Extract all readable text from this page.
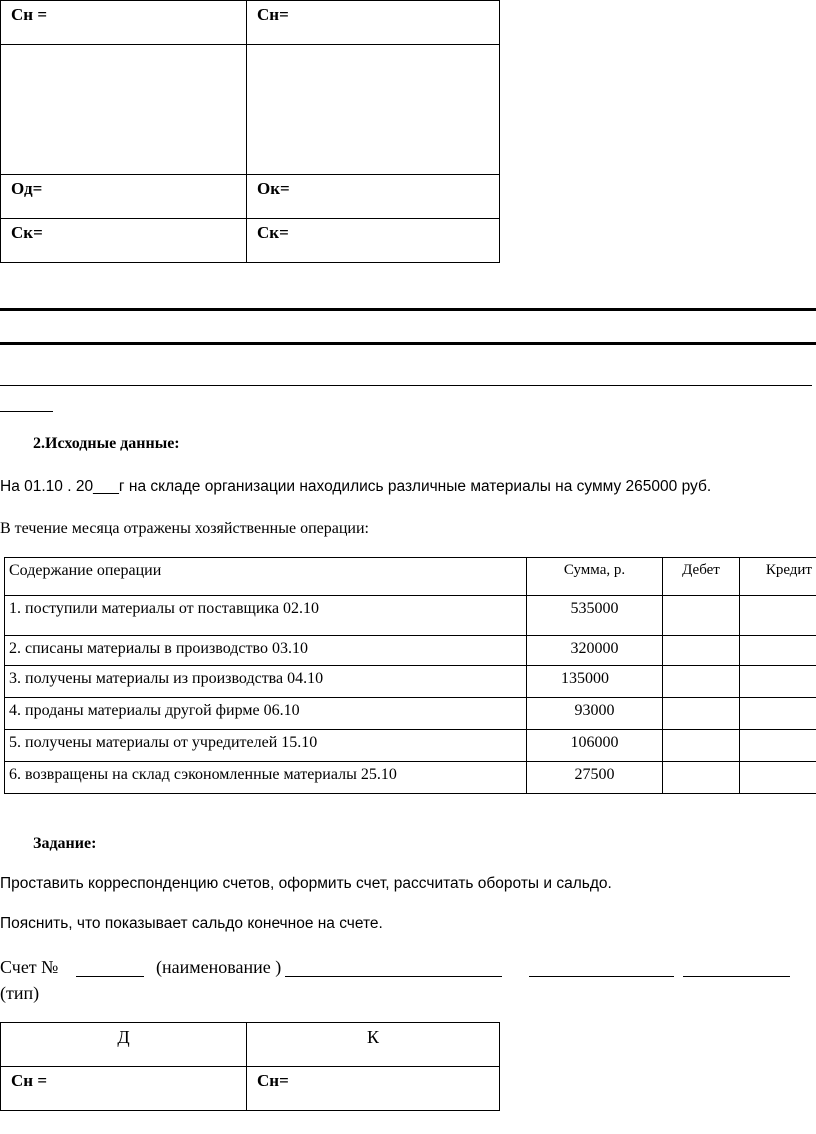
Сн =	Сн=

Од=	Ок=
Ск=	Ск=
2.Исходные данные:
На 01.10 . 20___г на складе организации находились различные материалы на сумму 265000 руб.
В течение месяца отражены хозяйственные операции:
Содержание операции	Сумма, р.	Дебет	Кредит
1. поступили материалы от поставщика 02.10	535000		
2. списаны материалы в производство 03.10	320000		
3. получены материалы из производства 04.10	135000		
4. проданы материалы другой фирме 06.10	93000		
5. получены материалы от учредителей 15.10	106000		
6. возвращены на склад сэкономленные материалы 25.10	27500		
Задание:
Проставить корреспонденцию счетов, оформить счет, рассчитать обороты и сальдо.
Пояснить, что показывает сальдо конечное на счете.
Счет №	(наименование )
(тип)
Д	К
Сн =	Сн=
